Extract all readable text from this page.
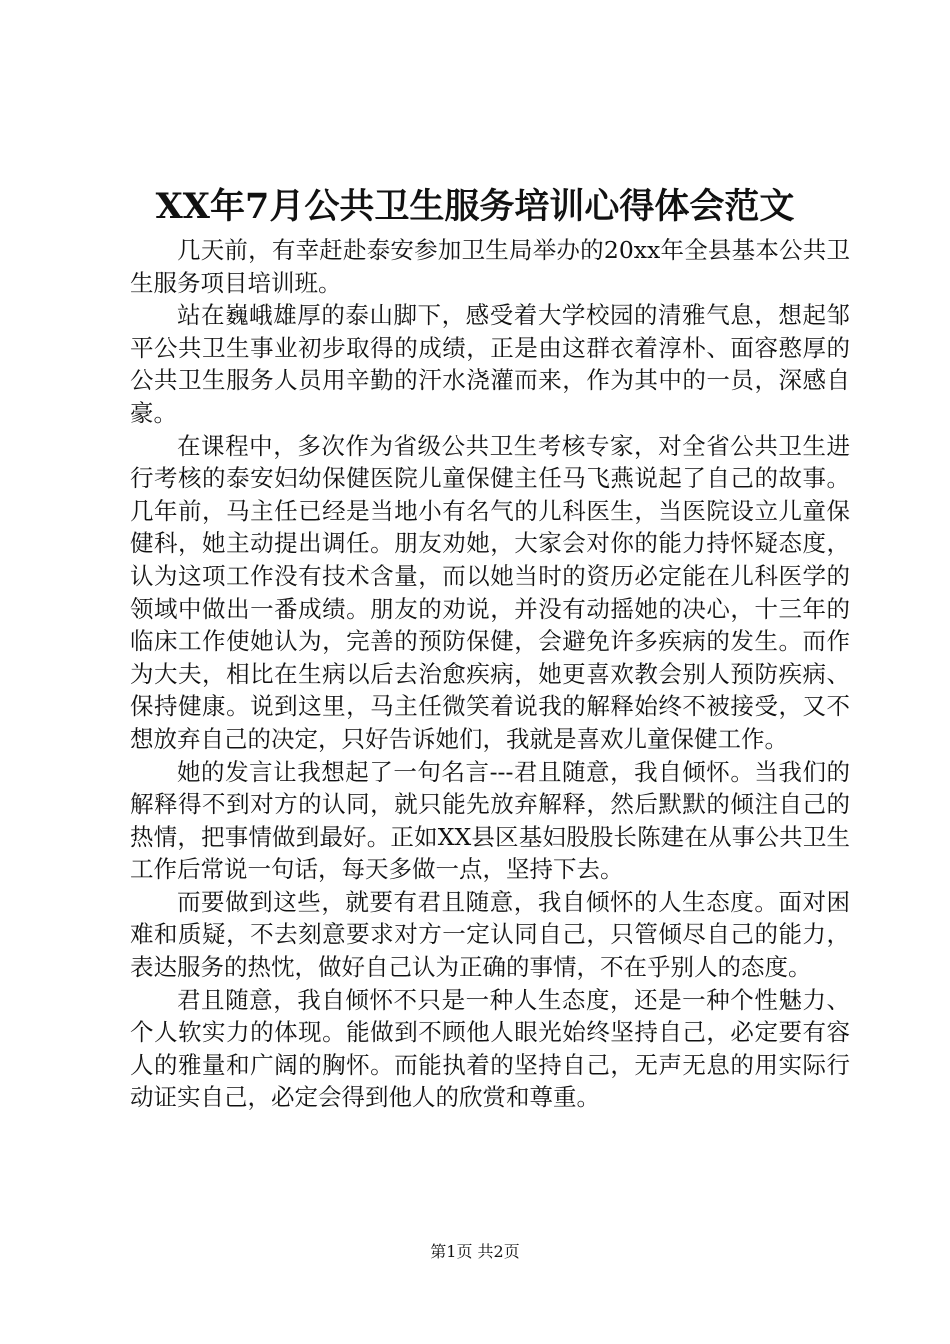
XX年7月公共卫生服务培训心得体会范文

几天前，有幸赶赴泰安参加卫生局举办的20xx年全县基本公共卫生服务项目培训班。

站在巍峨雄厚的泰山脚下，感受着大学校园的清雅气息，想起邹平公共卫生事业初步取得的成绩，正是由这群衣着淳朴、面容憨厚的公共卫生服务人员用辛勤的汗水浇灌而来，作为其中的一员，深感自豪。

在课程中，多次作为省级公共卫生考核专家，对全省公共卫生进行考核的泰安妇幼保健医院儿童保健主任马飞燕说起了自己的故事。几年前，马主任已经是当地小有名气的儿科医生，当医院设立儿童保健科，她主动提出调任。朋友劝她，大家会对你的能力持怀疑态度，认为这项工作没有技术含量，而以她当时的资历必定能在儿科医学的领域中做出一番成绩。朋友的劝说，并没有动摇她的决心，十三年的临床工作使她认为，完善的预防保健，会避免许多疾病的发生。而作为大夫，相比在生病以后去治愈疾病，她更喜欢教会别人预防疾病、保持健康。说到这里，马主任微笑着说我的解释始终不被接受，又不想放弃自己的决定，只好告诉她们，我就是喜欢儿童保健工作。

她的发言让我想起了一句名言---君且随意，我自倾怀。当我们的解释得不到对方的认同，就只能先放弃解释，然后默默的倾注自己的热情，把事情做到最好。正如XX县区基妇股股长陈建在从事公共卫生工作后常说一句话，每天多做一点，坚持下去。

而要做到这些，就要有君且随意，我自倾怀的人生态度。面对困难和质疑，不去刻意要求对方一定认同自己，只管倾尽自己的能力，表达服务的热忱，做好自己认为正确的事情，不在乎别人的态度。

君且随意，我自倾怀不只是一种人生态度，还是一种个性魅力、个人软实力的体现。能做到不顾他人眼光始终坚持自己，必定要有容人的雅量和广阔的胸怀。而能执着的坚持自己，无声无息的用实际行动证实自己，必定会得到他人的欣赏和尊重。

第1页 共2页
